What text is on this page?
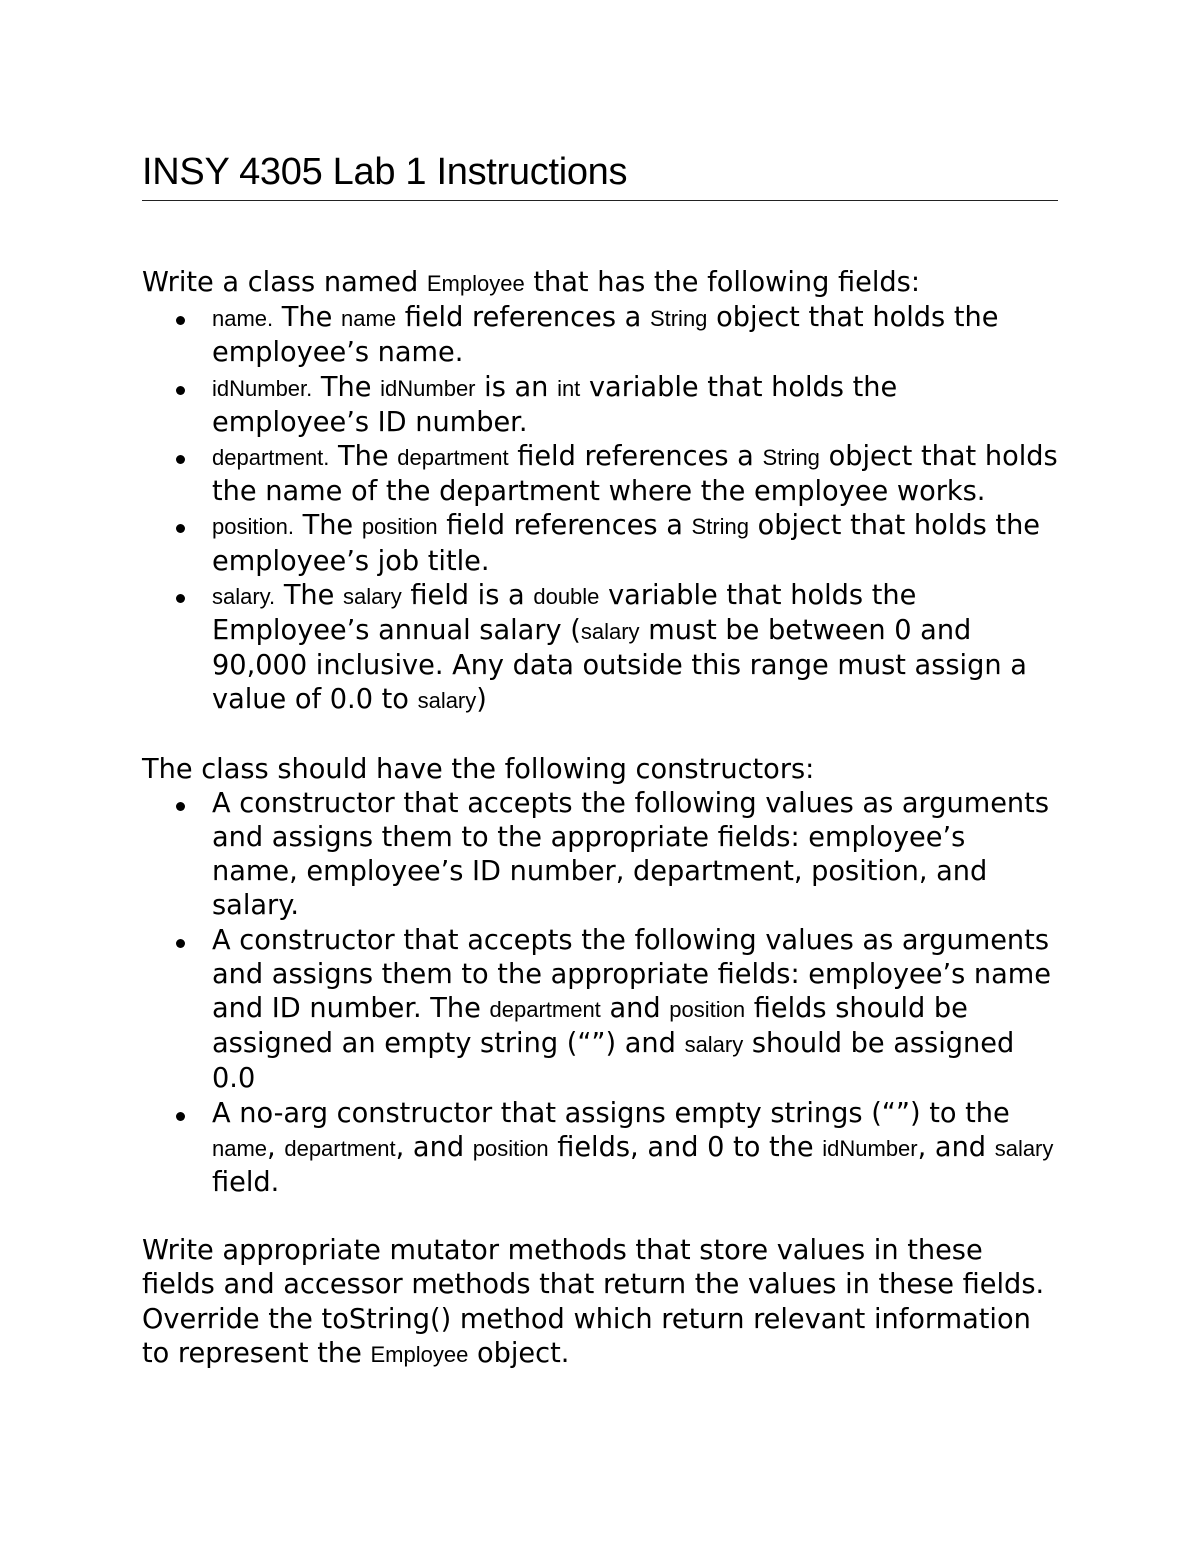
INSY 4305 Lab 1 Instructions

Write a class named Employee that has the following fields:

name. The name field references a String object that holds the employee’s name.
idNumber. The idNumber is an int variable that holds the employee’s ID number.
department. The department field references a String object that holds the name of the department where the employee works.
position. The position field references a String object that holds the employee’s job title.
salary. The salary field is a double variable that holds the Employee’s annual salary (salary must be between 0 and 90,000 inclusive. Any data outside this range must assign a value of 0.0 to salary)

The class should have the following constructors:

A constructor that accepts the following values as arguments and assigns them to the appropriate fields: employee’s name, employee’s ID number, department, position, and salary.
A constructor that accepts the following values as arguments and assigns them to the appropriate fields: employee’s name and ID number. The department and position fields should be assigned an empty string (“”) and salary should be assigned 0.0
A no-arg constructor that assigns empty strings (“”) to the name, department, and position fields, and 0 to the idNumber, and salary field.

Write appropriate mutator methods that store values in these fields and accessor methods that return the values in these fields. Override the toString() method which return relevant information to represent the Employee object.
